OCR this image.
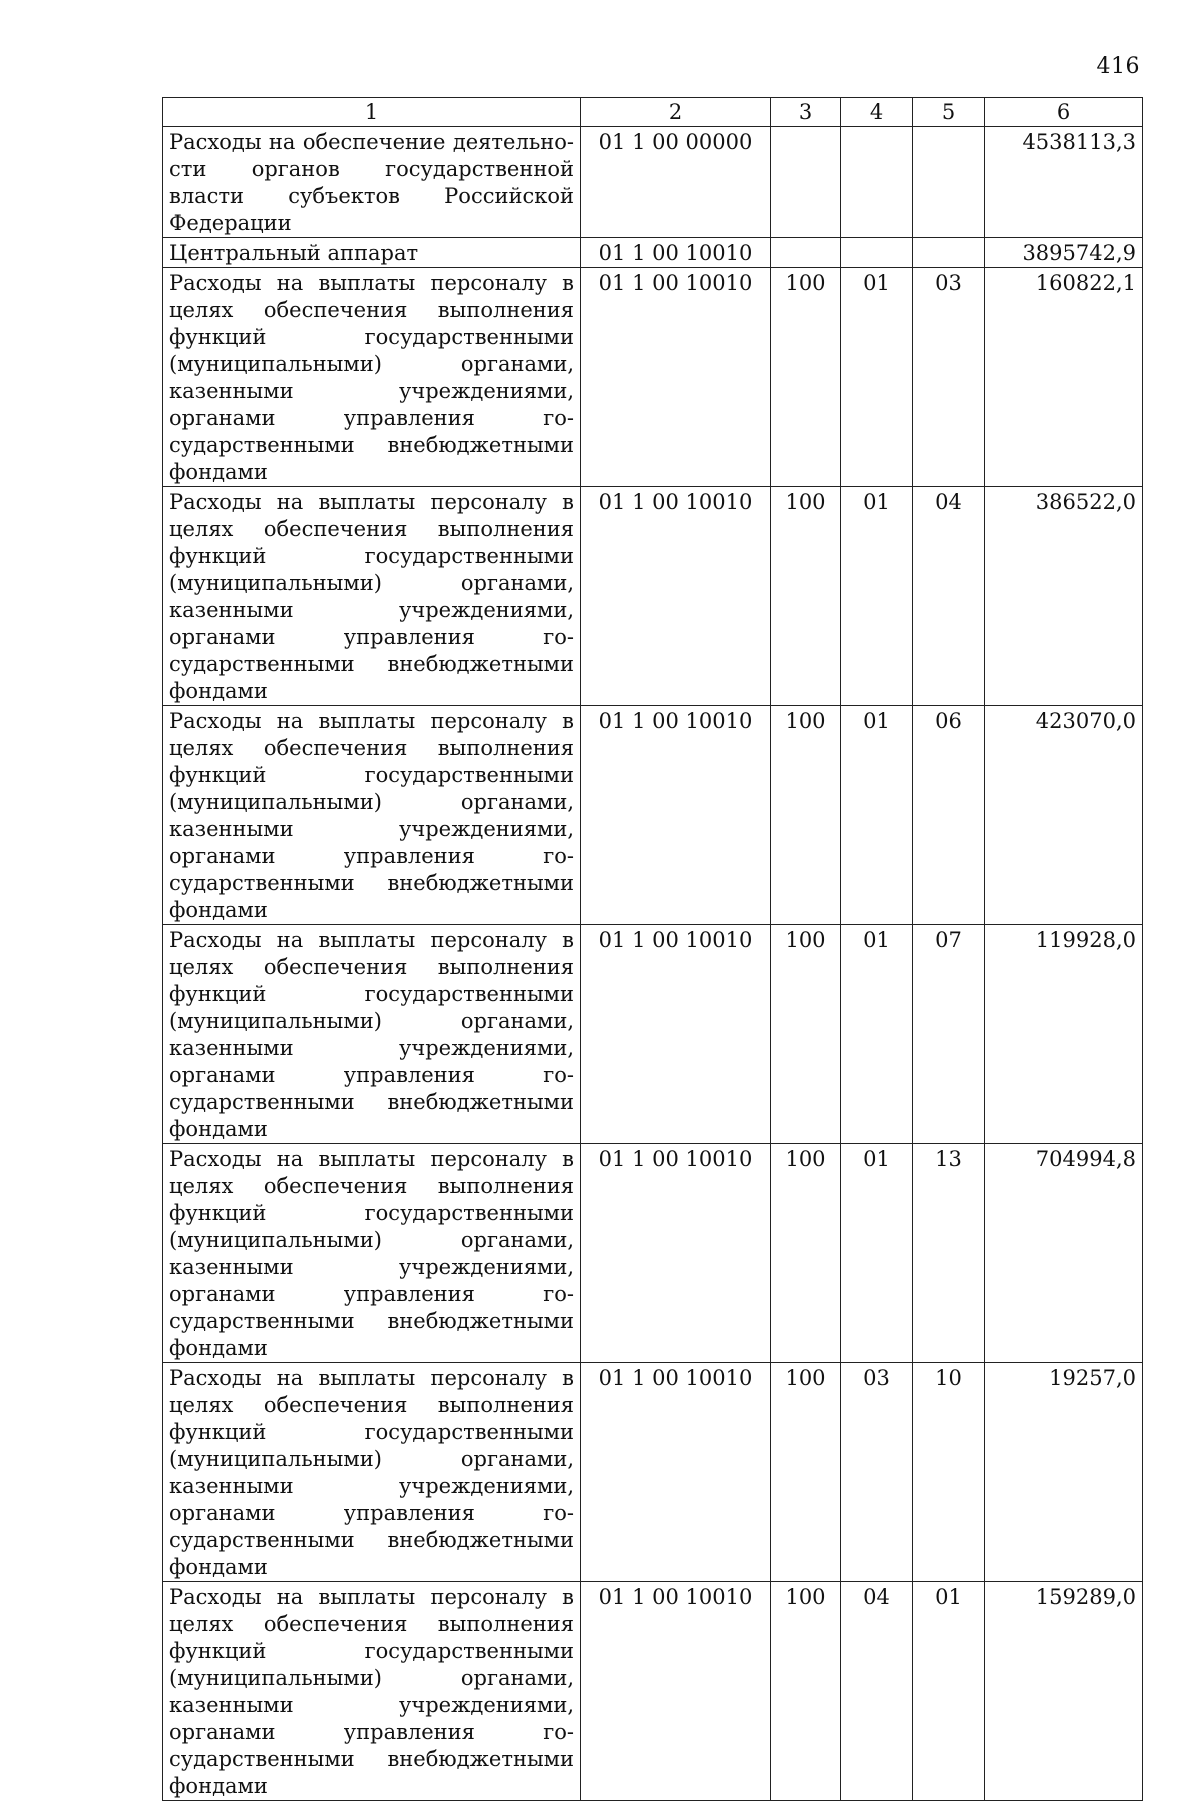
416
1	2	3	4	5	6
Расходы на обеспечение деятельности органов государственной власти субъектов Российской Федерации	01 1 00 00000				4538113,3
Центральный аппарат	01 1 00 10010				3895742,9
Расходы на выплаты персоналу в целях обеспечения выполнения функций государственными (муниципальными) органами, казенными учреждениями, органами управления государственными внебюджетными фондами	01 1 00 10010	100	01	03	160822,1
Расходы на выплаты персоналу в целях обеспечения выполнения функций государственными (муниципальными) органами, казенными учреждениями, органами управления государственными внебюджетными фондами	01 1 00 10010	100	01	04	386522,0
Расходы на выплаты персоналу в целях обеспечения выполнения функций государственными (муниципальными) органами, казенными учреждениями, органами управления государственными внебюджетными фондами	01 1 00 10010	100	01	06	423070,0
Расходы на выплаты персоналу в целях обеспечения выполнения функций государственными (муниципальными) органами, казенными учреждениями, органами управления государственными внебюджетными фондами	01 1 00 10010	100	01	07	119928,0
Расходы на выплаты персоналу в целях обеспечения выполнения функций государственными (муниципальными) органами, казенными учреждениями, органами управления государственными внебюджетными фондами	01 1 00 10010	100	01	13	704994,8
Расходы на выплаты персоналу в целях обеспечения выполнения функций государственными (муниципальными) органами, казенными учреждениями, органами управления государственными внебюджетными фондами	01 1 00 10010	100	03	10	19257,0
Расходы на выплаты персоналу в целях обеспечения выполнения функций государственными (муниципальными) органами, казенными учреждениями, органами управления государственными внебюджетными фондами	01 1 00 10010	100	04	01	159289,0
